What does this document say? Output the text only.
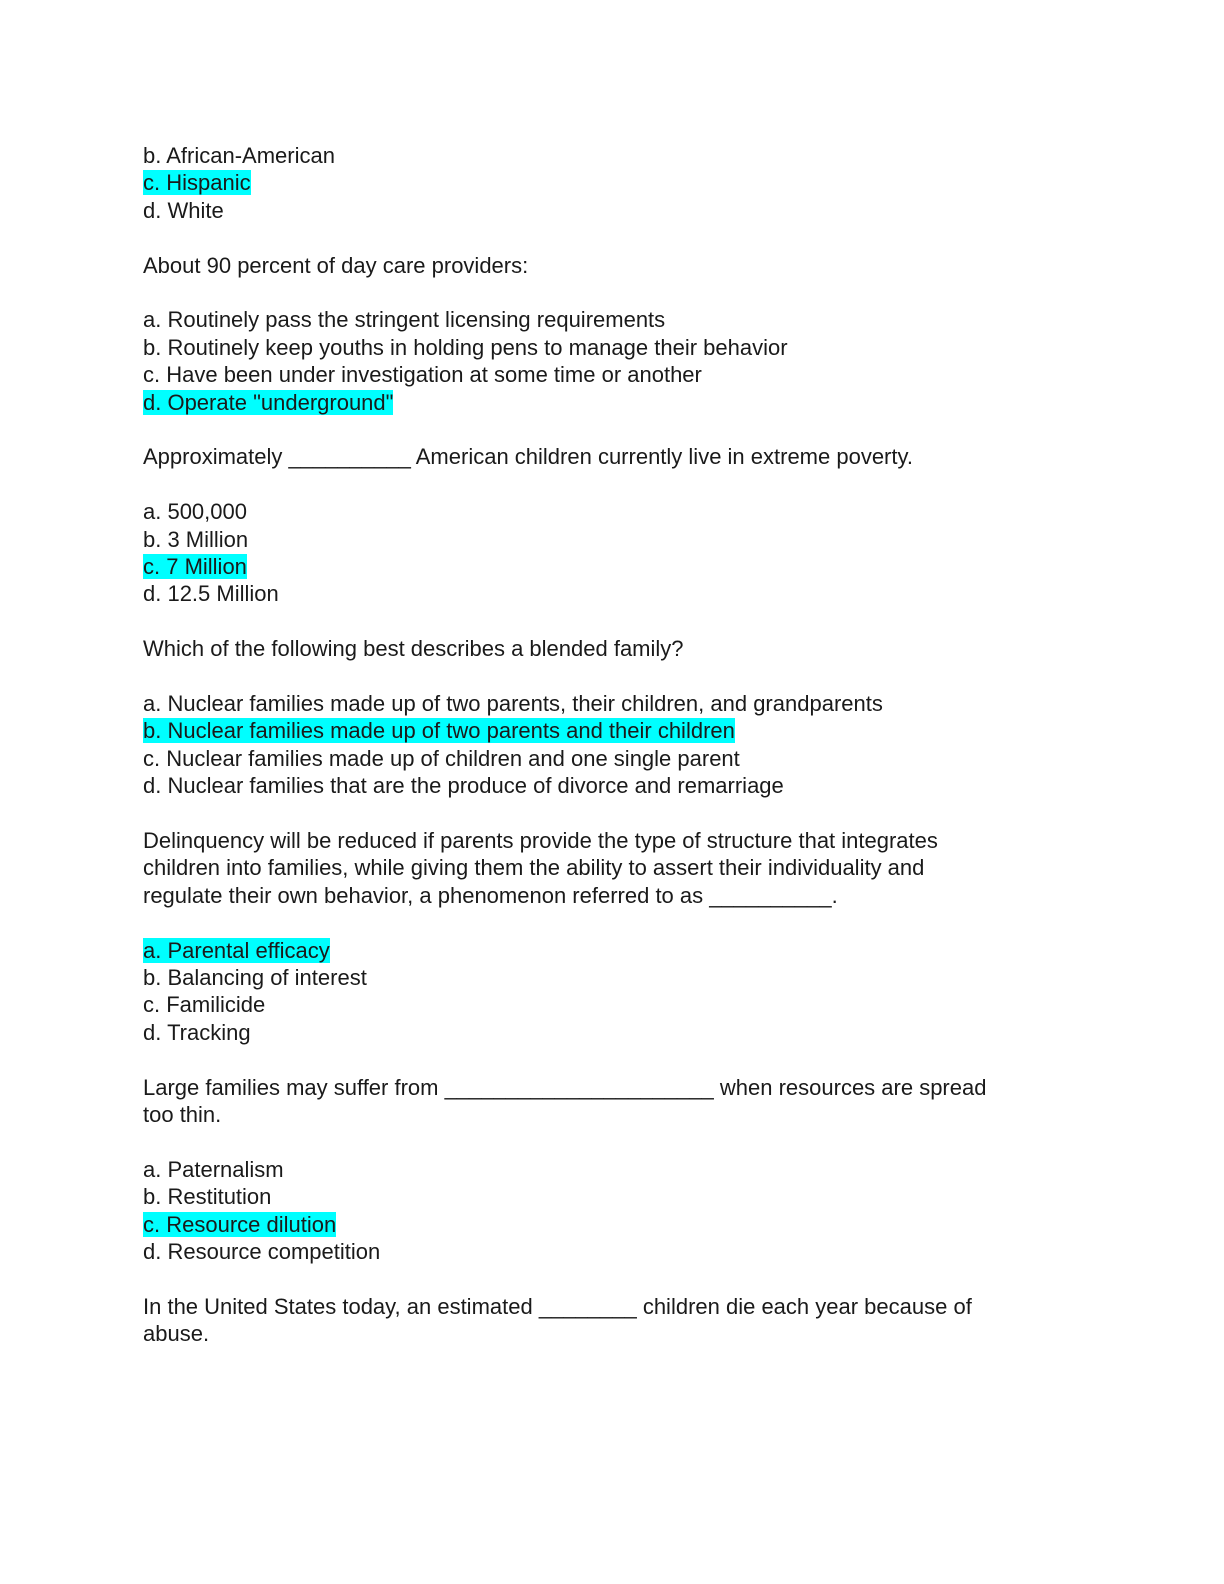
b. African-American
c. Hispanic
d. White
About 90 percent of day care providers:
a. Routinely pass the stringent licensing requirements
b. Routinely keep youths in holding pens to manage their behavior
c. Have been under investigation at some time or another
d. Operate "underground"
Approximately __________ American children currently live in extreme poverty.
a. 500,000
b. 3 Million
c. 7 Million
d. 12.5 Million
Which of the following best describes a blended family?
a. Nuclear families made up of two parents, their children, and grandparents
b. Nuclear families made up of two parents and their children
c. Nuclear families made up of children and one single parent
d. Nuclear families that are the produce of divorce and remarriage
Delinquency will be reduced if parents provide the type of structure that integrates
children into families, while giving them the ability to assert their individuality and
regulate their own behavior, a phenomenon referred to as __________.
a. Parental efficacy
b. Balancing of interest
c. Familicide
d. Tracking
Large families may suffer from ______________________ when resources are spread
too thin.
a. Paternalism
b. Restitution
c. Resource dilution
d. Resource competition
In the United States today, an estimated ________ children die each year because of
abuse.
